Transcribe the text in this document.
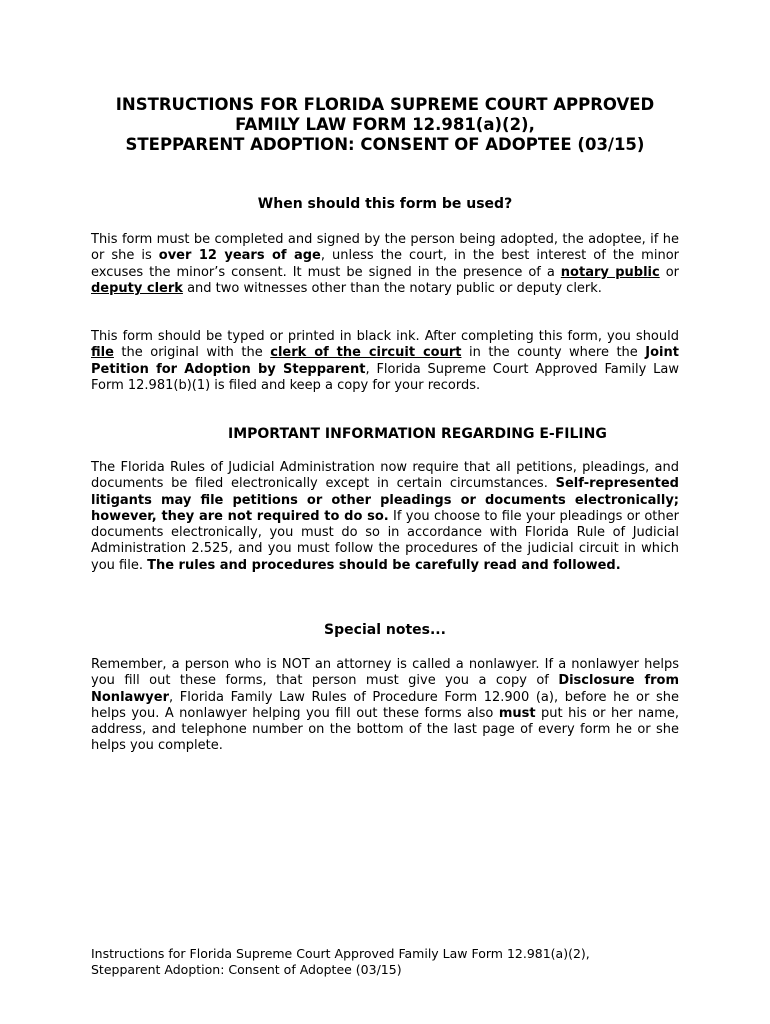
INSTRUCTIONS FOR FLORIDA SUPREME COURT APPROVED
FAMILY LAW FORM 12.981(a)(2),
STEPPARENT ADOPTION: CONSENT OF ADOPTEE (03/15)
When should this form be used?

This form must be completed and signed by the person being adopted, the adoptee, if he or she is over 12 years of age, unless the court, in the best interest of the minor excuses the minor’s consent. It must be signed in the presence of a notary public or deputy clerk and two witnesses other than the notary public or deputy clerk.

This form should be typed or printed in black ink. After completing this form, you should file the original with the clerk of the circuit court in the county where the Joint Petition for Adoption by Stepparent, Florida Supreme Court Approved Family Law Form 12.981(b)(1) is filed and keep a copy for your records.

IMPORTANT INFORMATION REGARDING E-FILING

The Florida Rules of Judicial Administration now require that all petitions, pleadings, and documents be filed electronically except in certain circumstances. Self-represented litigants may file petitions or other pleadings or documents electronically; however, they are not required to do so. If you choose to file your pleadings or other documents electronically, you must do so in accordance with Florida Rule of Judicial Administration 2.525, and you must follow the procedures of the judicial circuit in which you file. The rules and procedures should be carefully read and followed.

Special notes...

Remember, a person who is NOT an attorney is called a nonlawyer. If a nonlawyer helps you fill out these forms, that person must give you a copy of Disclosure from Nonlawyer, Florida Family Law Rules of Procedure Form 12.900 (a), before he or she helps you. A nonlawyer helping you fill out these forms also must put his or her name, address, and telephone number on the bottom of the last page of every form he or she helps you complete.

Instructions for Florida Supreme Court Approved Family Law Form 12.981(a)(2),
Stepparent Adoption: Consent of Adoptee (03/15)
